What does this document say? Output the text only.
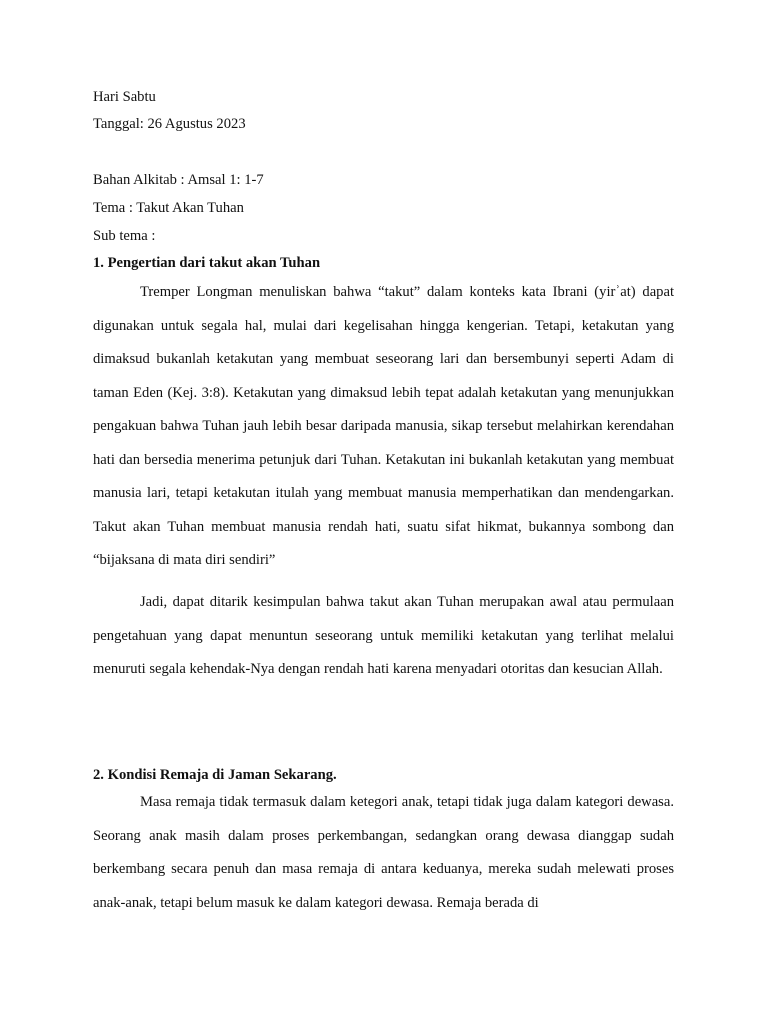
Hari Sabtu
Tanggal: 26 Agustus 2023
Bahan Alkitab : Amsal 1: 1-7
Tema : Takut Akan Tuhan
Sub tema :
1. Pengertian dari takut akan Tuhan

Tremper Longman menuliskan bahwa “takut” dalam konteks kata Ibrani (yirʾat) dapat digunakan untuk segala hal, mulai dari kegelisahan hingga kengerian. Tetapi, ketakutan yang dimaksud bukanlah ketakutan yang membuat seseorang lari dan bersembunyi seperti Adam di taman Eden (Kej. 3:8). Ketakutan yang dimaksud lebih tepat adalah ketakutan yang menunjukkan pengakuan bahwa Tuhan jauh lebih besar daripada manusia, sikap tersebut melahirkan kerendahan hati dan bersedia menerima petunjuk dari Tuhan. Ketakutan ini bukanlah ketakutan yang membuat manusia lari, tetapi ketakutan itulah yang membuat manusia memperhatikan dan mendengarkan. Takut akan Tuhan membuat manusia rendah hati, suatu sifat hikmat, bukannya sombong dan “bijaksana di mata diri sendiri”

Jadi, dapat ditarik kesimpulan bahwa takut akan Tuhan merupakan awal atau permulaan pengetahuan yang dapat menuntun seseorang untuk memiliki ketakutan yang terlihat melalui menuruti segala kehendak-Nya dengan rendah hati karena menyadari otoritas dan kesucian Allah.

2. Kondisi Remaja di Jaman Sekarang.

Masa remaja tidak termasuk dalam ketegori anak, tetapi tidak juga dalam kategori dewasa. Seorang anak masih dalam proses perkembangan, sedangkan orang dewasa dianggap sudah berkembang secara penuh dan masa remaja di antara keduanya, mereka sudah melewati proses anak-anak, tetapi belum masuk ke dalam kategori dewasa. Remaja berada di
